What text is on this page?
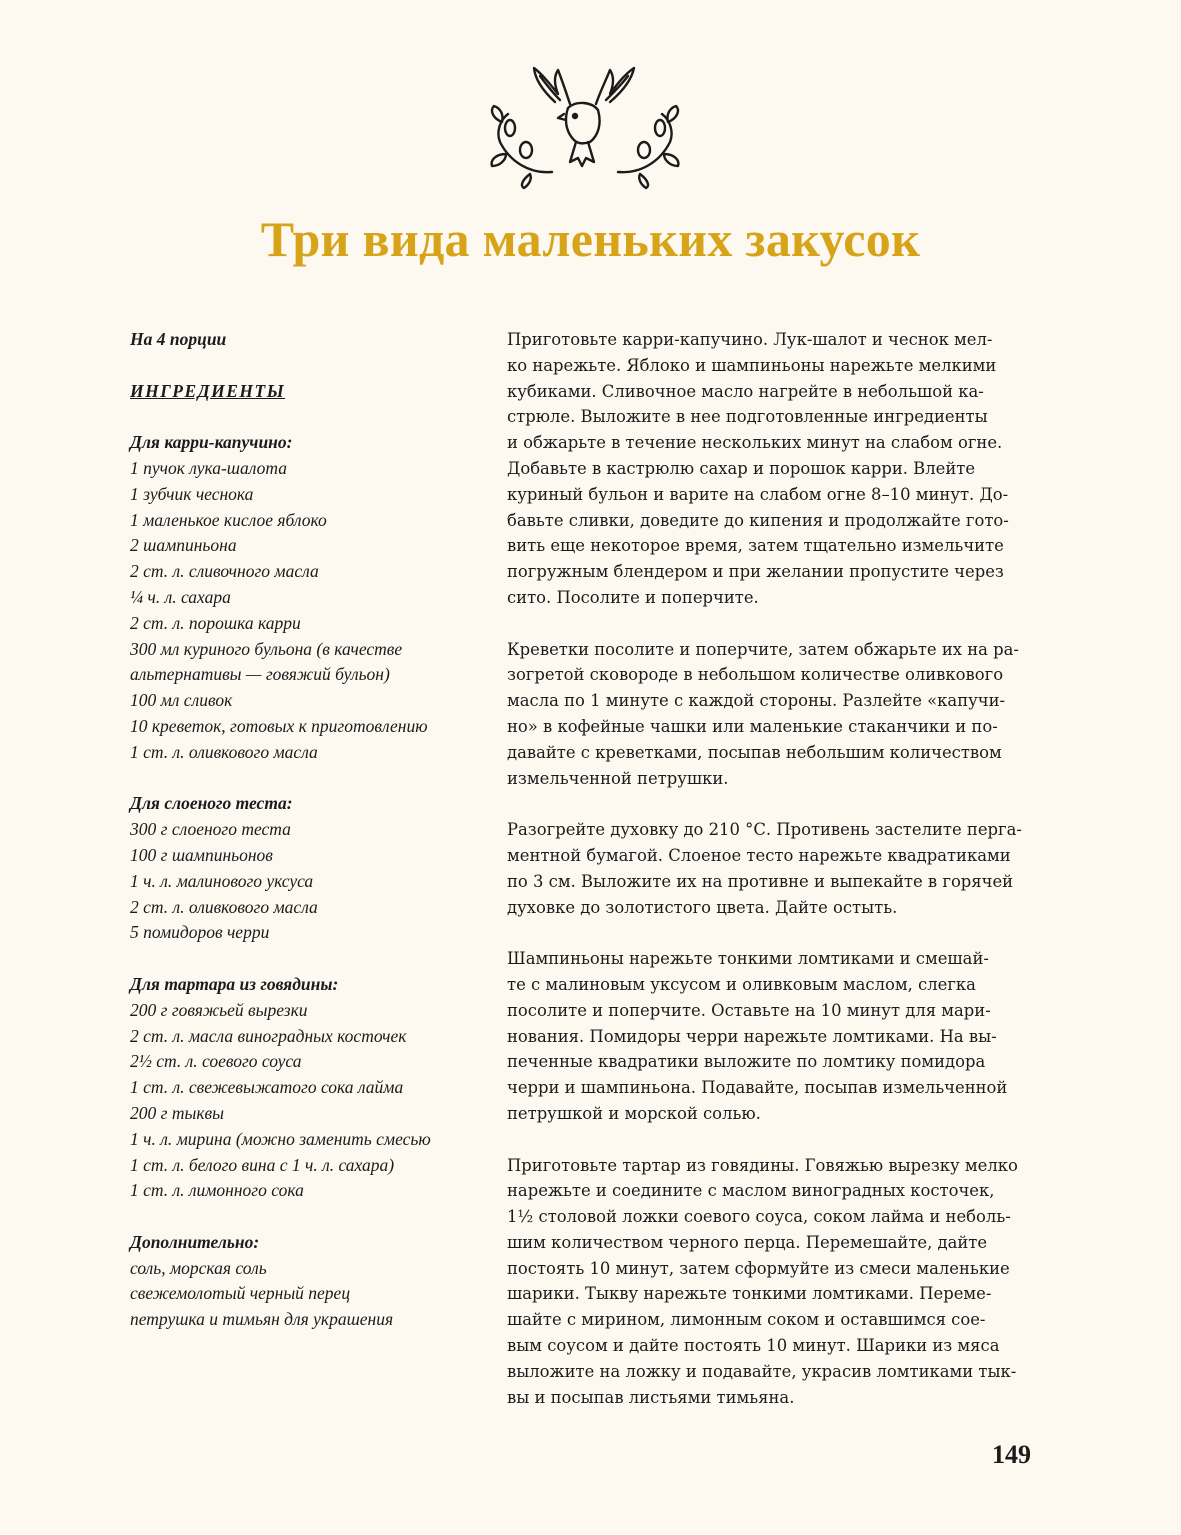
Три вида маленьких закусок
На 4 порции
ИНГРЕДИЕНТЫ
Для карри-капучино:
1 пучок лука-шалота
1 зубчик чеснока
1 маленькое кислое яблоко
2 шампиньона
2 ст. л. сливочного масла
¼ ч. л. сахара
2 ст. л. порошка карри
300 мл куриного бульона (в качестве
альтернативы — говяжий бульон)
100 мл сливок
10 креветок, готовых к приготовлению
1 ст. л. оливкового масла
Для слоеного теста:
300 г слоеного теста
100 г шампиньонов
1 ч. л. малинового уксуса
2 ст. л. оливкового масла
5 помидоров черри
Для тартара из говядины:
200 г говяжьей вырезки
2 ст. л. масла виноградных косточек
2½ ст. л. соевого соуса
1 ст. л. свежевыжатого сока лайма
200 г тыквы
1 ч. л. мирина (можно заменить смесью
1 ст. л. белого вина с 1 ч. л. сахара)
1 ст. л. лимонного сока
Дополнительно:
соль, морская соль
свежемолотый черный перец
петрушка и тимьян для украшения

Приготовьте карри-капучино. Лук-шалот и чеснок мел-
ко нарежьте. Яблоко и шампиньоны нарежьте мелкими
кубиками. Сливочное масло нагрейте в небольшой ка-
стрюле. Выложите в нее подготовленные ингредиенты
и обжарьте в течение нескольких минут на слабом огне.
Добавьте в кастрюлю сахар и порошок карри. Влейте
куриный бульон и варите на слабом огне 8–10 минут. До-
бавьте сливки, доведите до кипения и продолжайте гото-
вить еще некоторое время, затем тщательно измельчите
погружным блендером и при желании пропустите через
сито. Посолите и поперчите.

Креветки посолите и поперчите, затем обжарьте их на ра-
зогретой сковороде в небольшом количестве оливкового
масла по 1 минуте с каждой стороны. Разлейте «капучи-
но» в кофейные чашки или маленькие стаканчики и по-
давайте с креветками, посыпав небольшим количеством
измельченной петрушки.

Разогрейте духовку до 210 °С. Противень застелите перга-
ментной бумагой. Слоеное тесто нарежьте квадратиками
по 3 см. Выложите их на противне и выпекайте в горячей
духовке до золотистого цвета. Дайте остыть.

Шампиньоны нарежьте тонкими ломтиками и смешай-
те с малиновым уксусом и оливковым маслом, слегка
посолите и поперчите. Оставьте на 10 минут для мари-
нования. Помидоры черри нарежьте ломтиками. На вы-
печенные квадратики выложите по ломтику помидора
черри и шампиньона. Подавайте, посыпав измельченной
петрушкой и морской солью.

Приготовьте тартар из говядины. Говяжью вырезку мелко
нарежьте и соедините с маслом виноградных косточек,
1½ столовой ложки соевого соуса, соком лайма и неболь-
шим количеством черного перца. Перемешайте, дайте
постоять 10 минут, затем сформуйте из смеси маленькие
шарики. Тыкву нарежьте тонкими ломтиками. Переме-
шайте с мирином, лимонным соком и оставшимся сое-
вым соусом и дайте постоять 10 минут. Шарики из мяса
выложите на ложку и подавайте, украсив ломтиками тык-
вы и посыпав листьями тимьяна.

149
